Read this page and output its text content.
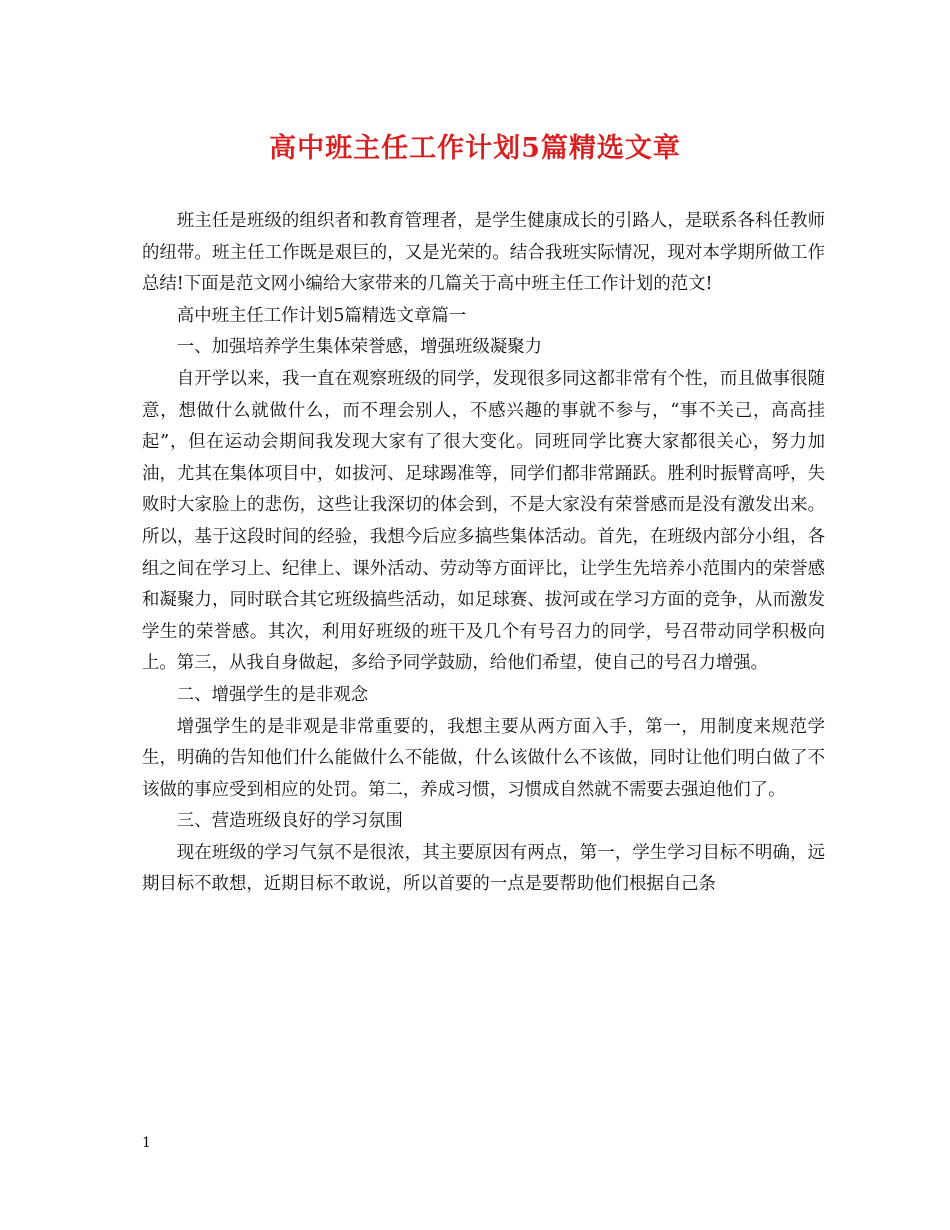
高中班主任工作计划5篇精选文章

班主任是班级的组织者和教育管理者，是学生健康成长的引路人，是联系各科任教师的纽带。班主任工作既是艰巨的，又是光荣的。结合我班实际情况，现对本学期所做工作总结!下面是范文网小编给大家带来的几篇关于高中班主任工作计划的范文!

高中班主任工作计划5篇精选文章篇一

一、加强培养学生集体荣誉感，增强班级凝聚力

自开学以来，我一直在观察班级的同学，发现很多同这都非常有个性，而且做事很随意，想做什么就做什么，而不理会别人，不感兴趣的事就不参与，“事不关己，高高挂起”，但在运动会期间我发现大家有了很大变化。同班同学比赛大家都很关心，努力加油，尤其在集体项目中，如拔河、足球踢准等，同学们都非常踊跃。胜利时振臂高呼，失败时大家脸上的悲伤，这些让我深切的体会到，不是大家没有荣誉感而是没有激发出来。所以，基于这段时间的经验，我想今后应多搞些集体活动。首先，在班级内部分小组，各组之间在学习上、纪律上、课外活动、劳动等方面评比，让学生先培养小范围内的荣誉感和凝聚力，同时联合其它班级搞些活动，如足球赛、拔河或在学习方面的竞争，从而激发学生的荣誉感。其次，利用好班级的班干及几个有号召力的同学，号召带动同学积极向上。第三，从我自身做起，多给予同学鼓励，给他们希望，使自己的号召力增强。

二、增强学生的是非观念

增强学生的是非观是非常重要的，我想主要从两方面入手，第一，用制度来规范学生，明确的告知他们什么能做什么不能做，什么该做什么不该做，同时让他们明白做了不该做的事应受到相应的处罚。第二，养成习惯，习惯成自然就不需要去强迫他们了。

三、营造班级良好的学习氛围

现在班级的学习气氛不是很浓，其主要原因有两点，第一，学生学习目标不明确，远期目标不敢想，近期目标不敢说，所以首要的一点是要帮助他们根据自己条

1
